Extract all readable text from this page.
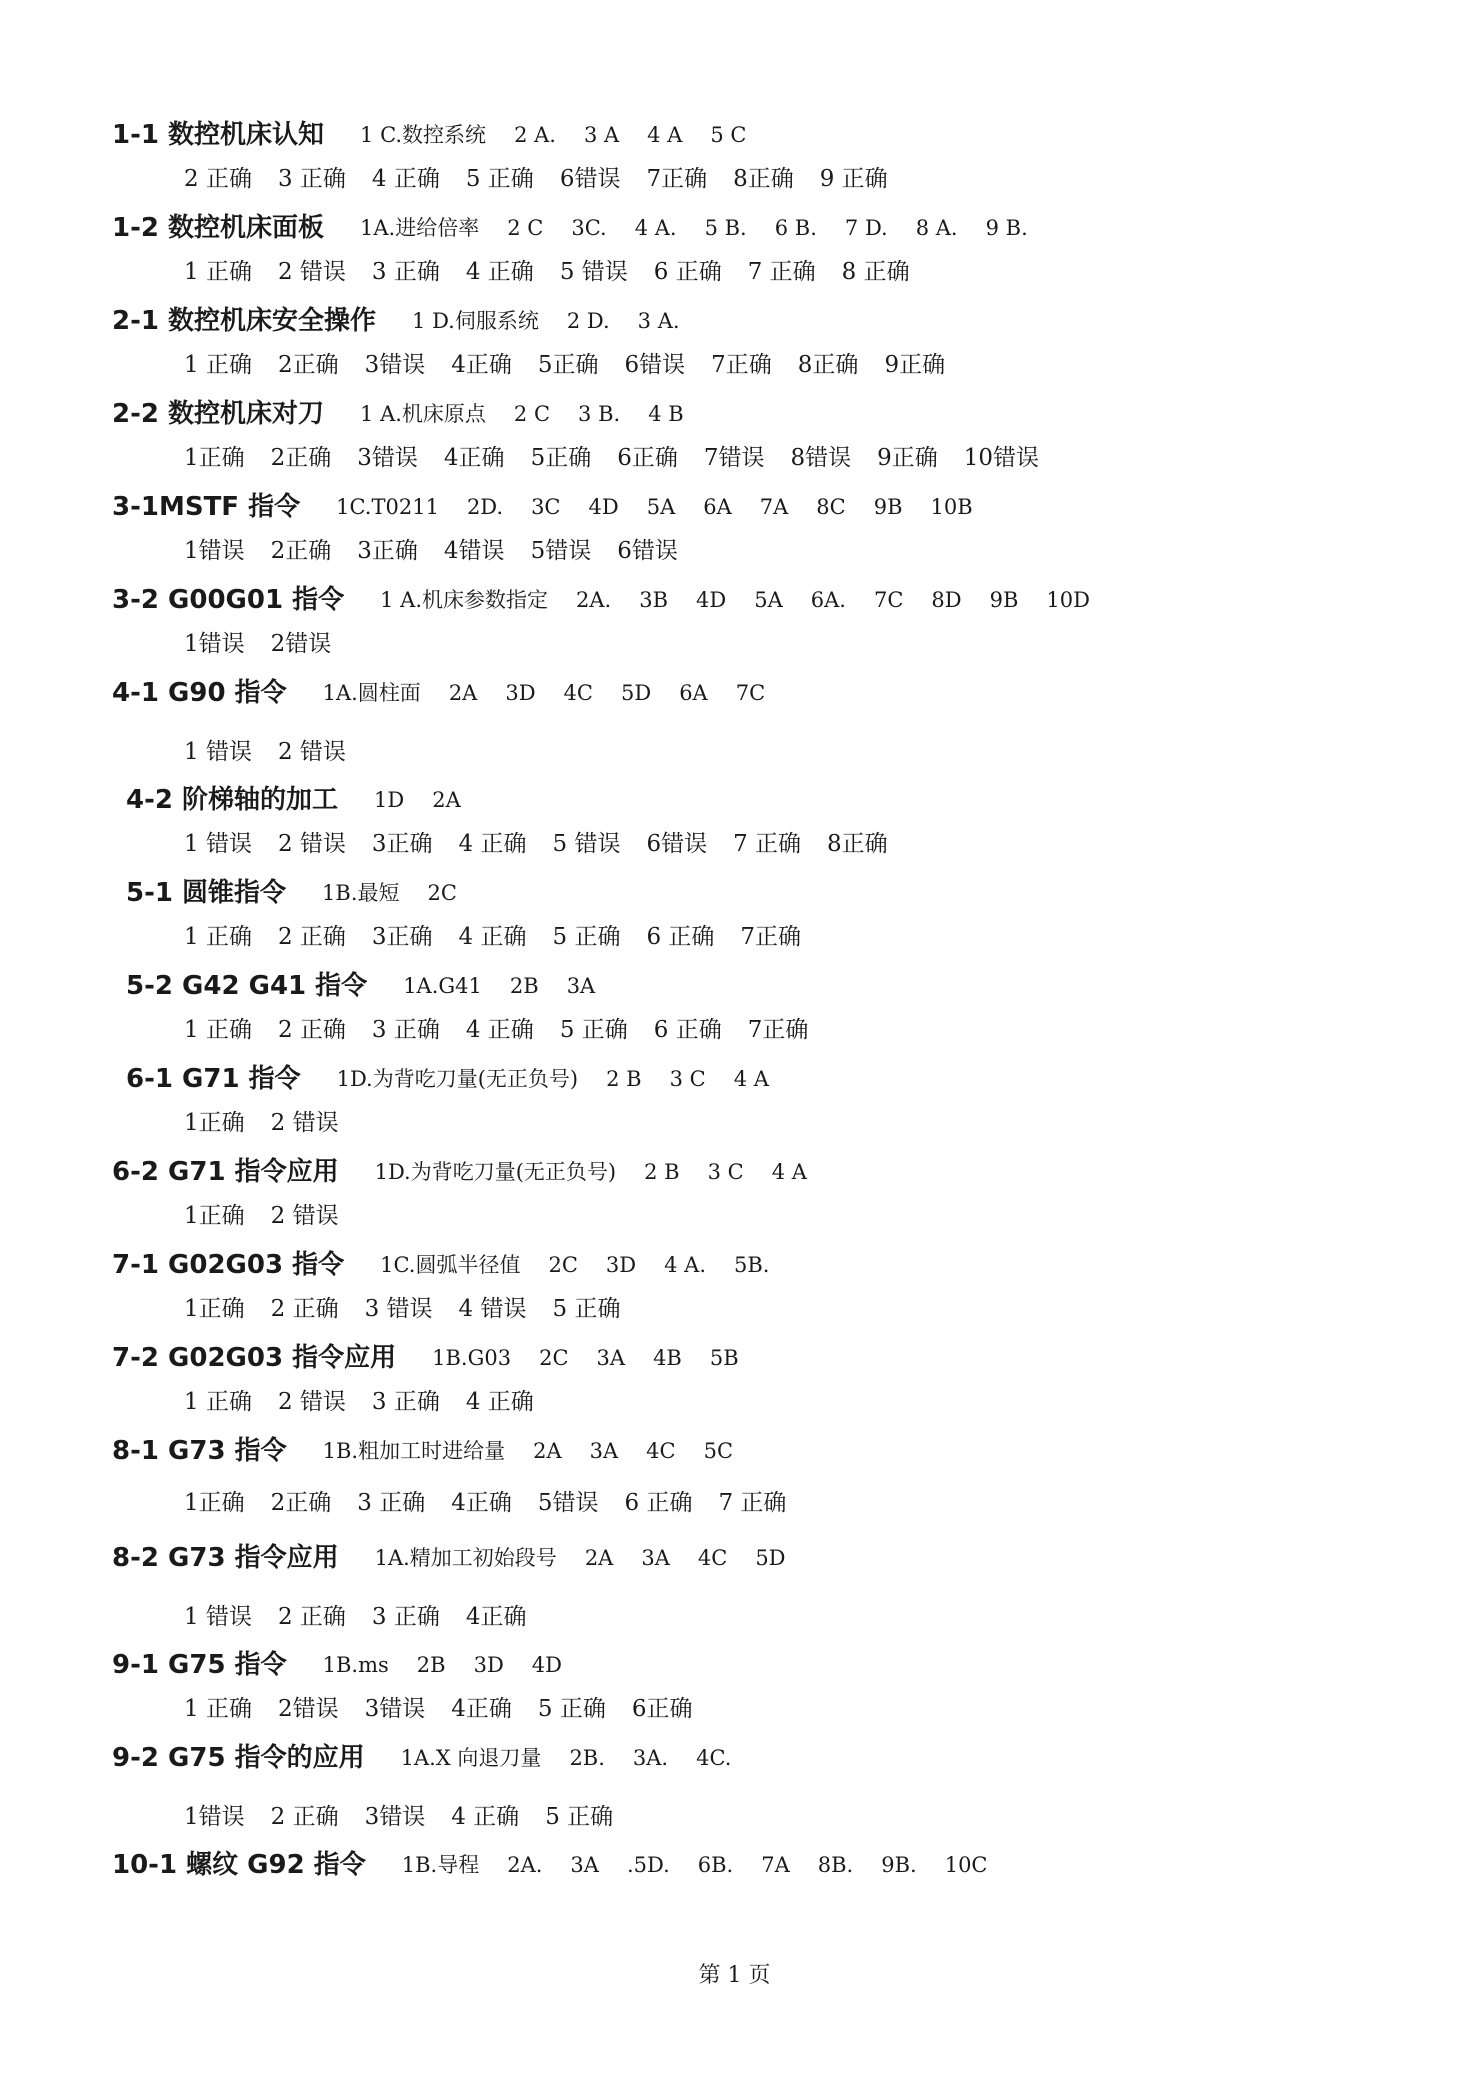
1-1 数控机床认知 1 C.数控系统 2 A. 3 A 4 A 5 C
2 正确 3 正确 4 正确 5 正确 6错误 7正确 8正确 9 正确
1-2 数控机床面板 1A.进给倍率 2 C 3C. 4 A. 5 B. 6 B. 7 D. 8 A. 9 B.
1 正确 2 错误 3 正确 4 正确 5 错误 6 正确 7 正确 8 正确
2-1 数控机床安全操作 1 D.伺服系统 2 D. 3 A.
1 正确 2正确 3错误 4正确 5正确 6错误 7正确 8正确 9正确
2-2 数控机床对刀 1 A.机床原点 2 C 3 B. 4 B
1正确 2正确 3错误 4正确 5正确 6正确 7错误 8错误 9正确 10错误
3-1MSTF 指令 1C.T0211 2D. 3C 4D 5A 6A 7A 8C 9B 10B
1错误 2正确 3正确 4错误 5错误 6错误
3-2 G00G01 指令 1 A.机床参数指定 2A. 3B 4D 5A 6A. 7C 8D 9B 10D
1错误 2错误
4-1 G90 指令 1A.圆柱面 2A 3D 4C 5D 6A 7C
1 错误 2 错误
4-2 阶梯轴的加工 1D 2A
1 错误 2 错误 3正确 4 正确 5 错误 6错误 7 正确 8正确
5-1 圆锥指令 1B.最短 2C
1 正确 2 正确 3正确 4 正确 5 正确 6 正确 7正确
5-2 G42 G41 指令 1A.G41 2B 3A
1 正确 2 正确 3 正确 4 正确 5 正确 6 正确 7正确
6-1 G71 指令 1D.为背吃刀量(无正负号) 2 B 3 C 4 A
1正确 2 错误
6-2 G71 指令应用 1D.为背吃刀量(无正负号) 2 B 3 C 4 A
1正确 2 错误
7-1 G02G03 指令 1C.圆弧半径值 2C 3D 4 A. 5B.
1正确 2 正确 3 错误 4 错误 5 正确
7-2 G02G03 指令应用 1B.G03 2C 3A 4B 5B
1 正确 2 错误 3 正确 4 正确
8-1 G73 指令 1B.粗加工时进给量 2A 3A 4C 5C
1正确 2正确 3 正确 4正确 5错误 6 正确 7 正确
8-2 G73 指令应用 1A.精加工初始段号 2A 3A 4C 5D
1 错误 2 正确 3 正确 4正确
9-1 G75 指令 1B.ms 2B 3D 4D
1 正确 2错误 3错误 4正确 5 正确 6正确
9-2 G75 指令的应用 1A.X 向退刀量 2B. 3A. 4C.
1错误 2 正确 3错误 4 正确 5 正确
10-1 螺纹 G92 指令 1B.导程 2A. 3A .5D. 6B. 7A 8B. 9B. 10C
第 1 页
